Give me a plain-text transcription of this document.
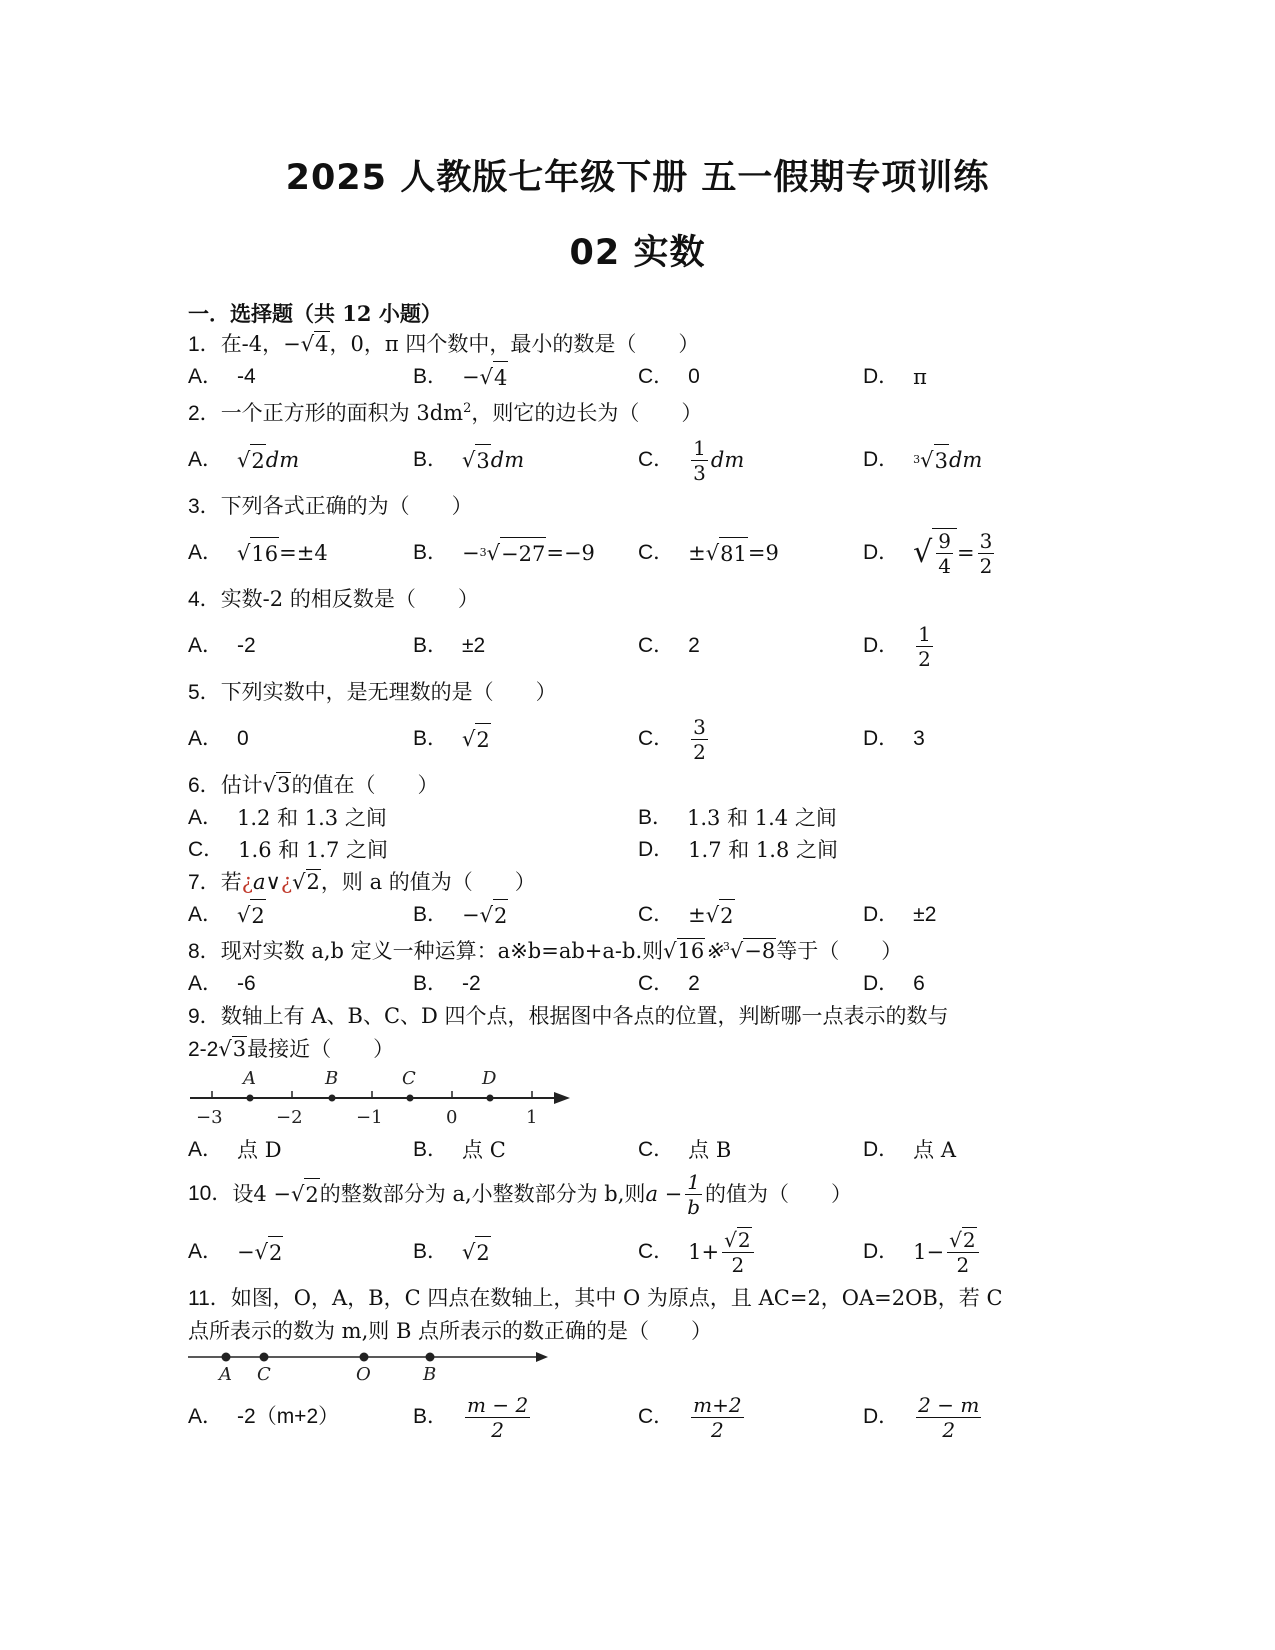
2025 人教版七年级下册 五一假期专项训练
02 实数
一．选择题（共 12 小题）
1．在-4，−√4，0，π 四个数中，最小的数是（　　）
A． -4	B． − √ 4	C． 0	D． π
2．一个正方形的面积为 $3dm^2$，则它的边长为（　　）
A． √ 2 dm	B． √ 3 dm	C． $\frac{1}{3}$ dm	D． 3 √ 3 dm
3．下列各式正确的为（　　）
A． √ 16 =±4	B． − 3 √ −27 =−9 C． ± √ 81 =9	D． √ $\frac{9}{4} = \frac{3}{2}$
4．实数-2 的相反数是（　　）
A． -2	B． ±2	C． 2	D． $\frac{1}{2}$
5．下列实数中，是无理数的是（　　）
A． 0	B． √ 2	C． $\frac{3}{2}$	D． 3
6．估计√3的值在（　　）
A． 1.2 和 1.3 之间	B． 1.3 和 1.4 之间
C． 1.6 和 1.7 之间	D． 1.7 和 1.8 之间
7．若¿a∨¿√2，则 a 的值为（　　）
A． √ 2	B． − √ 2	C． ± √ 2	D． ±2
8．现对实数 a,b 定义一种运算：a※b=ab+a-b.则√16※$^3$√−8等于（　　）
A． -6	B． -2	C． 2	D． 6
9．数轴上有 A、B、C、D 四个点，根据图中各点的位置，判断哪一点表示的数与
2-2√3最接近（　　）
−3	−2	−1	0	1
A	B	C	D
A． 点 D	B． 点 C	C． 点 B	D． 点 A
10． 设 4 − √ 2 的整数部分为 a,小整数部分为 b,则 $a - \frac{1}{b}$ 的值为（　　）
A． − √ 2	B． √ 2	C． $1+ \frac{√2}{2}$	D． $1- \frac{√2}{2}$
11．如图，O，A，B，C 四点在数轴上，其中 O 为原点，且 AC=2，OA=2OB，若 C
点所表示的数为 m,则 B 点所表示的数正确的是（　　）
A C	O	B
A． -2（m+2）	B． $\frac{m - 2}{2}$	C． $\frac{m+2}{2}$	D． $\frac{2 - m}{2}$
